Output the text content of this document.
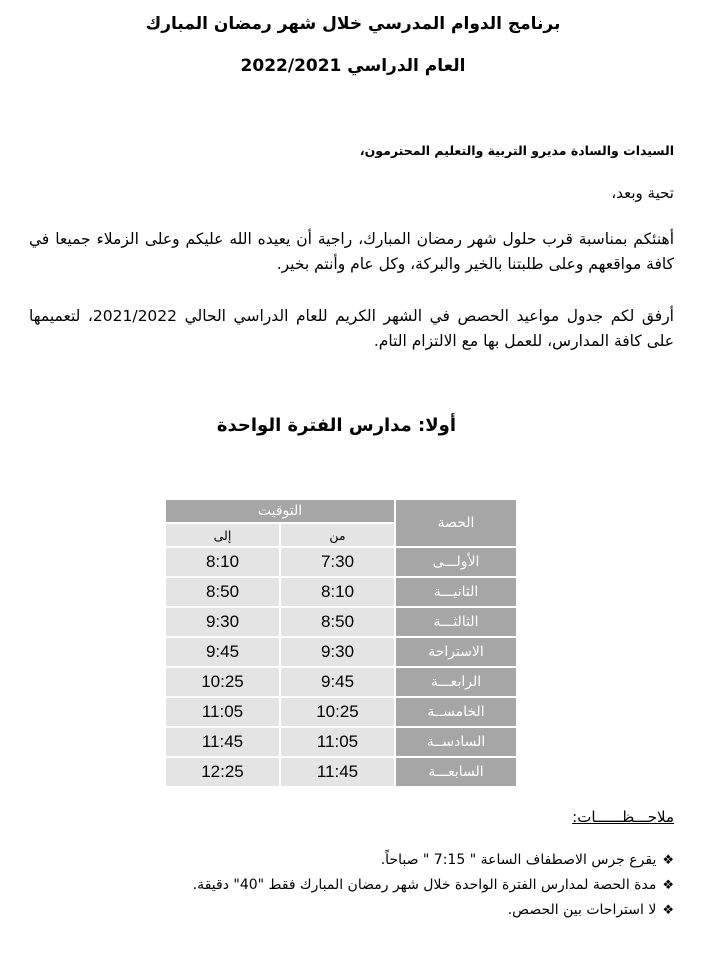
برنامج الدوام المدرسي خلال شهر رمضان المبارك
العام الدراسي 2022/2021
السيدات والسادة مديرو التربية والتعليم المحترمون،
تحية وبعد،
أهنئكم بمناسبة قرب حلول شهر رمضان المبارك، راجية أن يعيده الله عليكم وعلى الزملاء جميعا في كافة مواقعهم وعلى طلبتنا بالخير والبركة، وكل عام وأنتم بخير.
أرفق لكم جدول مواعيد الحصص في الشهر الكريم للعام الدراسي الحالي 2021/2022، لتعميمها على كافة المدارس، للعمل بها مع الالتزام التام.
أولا: مدارس الفترة الواحدة
الحصة	التوقيت	
	من	إلى
الأولـــى	7:30	8:10
الثانيـــة	8:10	8:50
الثالثـــة	8:50	9:30
الاستراحة	9:30	9:45
الرابعـــة	9:45	10:25
الخامســة	10:25	11:05
السادســة	11:05	11:45
السابعـــة	11:45	12:25
ملاحـــظــــــات:
❖يقرع جرس الاصطفاف الساعة " 7:15 " صباحاً.
❖مدة الحصة لمدارس الفترة الواحدة خلال شهر رمضان المبارك فقط "40" دقيقة.
❖لا استراحات بين الحصص.
